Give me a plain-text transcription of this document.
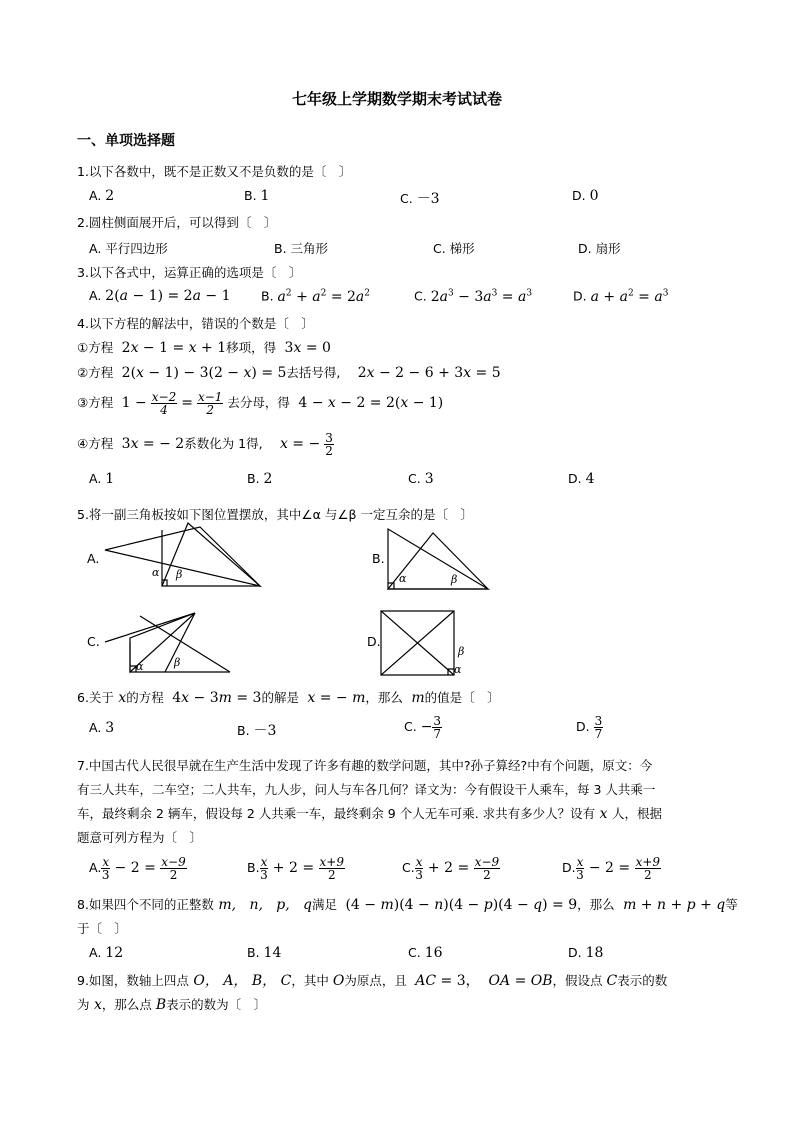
七年级上学期数学期末考试试卷
一、单项选择题
1.以下各数中，既不是正数又不是负数的是〔　〕
A. 2	B. 1	C. －3	D. 0
2.圆柱侧面展开后，可以得到〔　〕
A. 平行四边形	B. 三角形	C. 梯形	D. 扇形
3.以下各式中，运算正确的选项是〔　〕
A. 2(a − 1) = 2a − 1 B. $a^2 + a^2 = 2a^2$	C. $2a^3 - 3a^3 = a^3$	D. $a + a^2 = a^3$
4.以下方程的解法中，错误的个数是〔　〕
①方程  2x − 1 = x + 1移项，得  3x = 0
②方程  2(x − 1) − 3(2 − x) = 5去括号得,    2x − 2 − 6 + 3x = 5
③方程  $1 - \frac{x-2}{4} = \frac{x-1}{2}$ 去分母，得  4 − x − 2 = 2(x − 1)
④方程  3x = − 2系数化为 1得, x = − $\frac{3}{2}$
A. 1	B. 2	C. 3	D. 4
5.将一副三角板按如下图位置摆放，其中∠α 与∠β 一定互余的是〔　〕
A.
α β
B.
α	β
C.
α	β
D.
β
α
6.关于 x的方程  4x − 3m = 3的解是 x = − m，那么  m的值是〔　〕
A. 3	B. －3	C. − $\frac{3}{7}$	D. $\frac{3}{7}$
7.中国古代人民很早就在生产生活中发现了许多有趣的数学问题，其中?孙子算经?中有个问题，原文：今
有三人共车，二车空；二人共车，九人步，问人与车各几何？译文为：今有假设干人乘车，每 3 人共乘一
车，最终剩余 2 辆车，假设每 2 人共乘一车，最终剩余 9 个人无车可乘. 求共有多少人？设有 x 人，根据
题意可列方程为〔　〕
A. $\frac{x}{3} - 2 = \frac{x-9}{2}$	B. $\frac{x}{3} + 2 = \frac{x+9}{2}$	C. $\frac{x}{3} + 2 = \frac{x-9}{2}$	D. $\frac{x}{3} - 2 = \frac{x+9}{2}$
8.如果四个不同的正整数 m,   n,   p,   q满足  (4 − m)(4 − n)(4 − p)(4 − q) = 9，那么 m + n + p + q等
于〔　〕
A. 12	B. 14	C. 16	D. 18
9.如图，数轴上四点 O， A， B， C，其中 O为原点，且 AC = 3，  OA = OB，假设点 C表示的数
为 x，那么点 B表示的数为〔　〕
